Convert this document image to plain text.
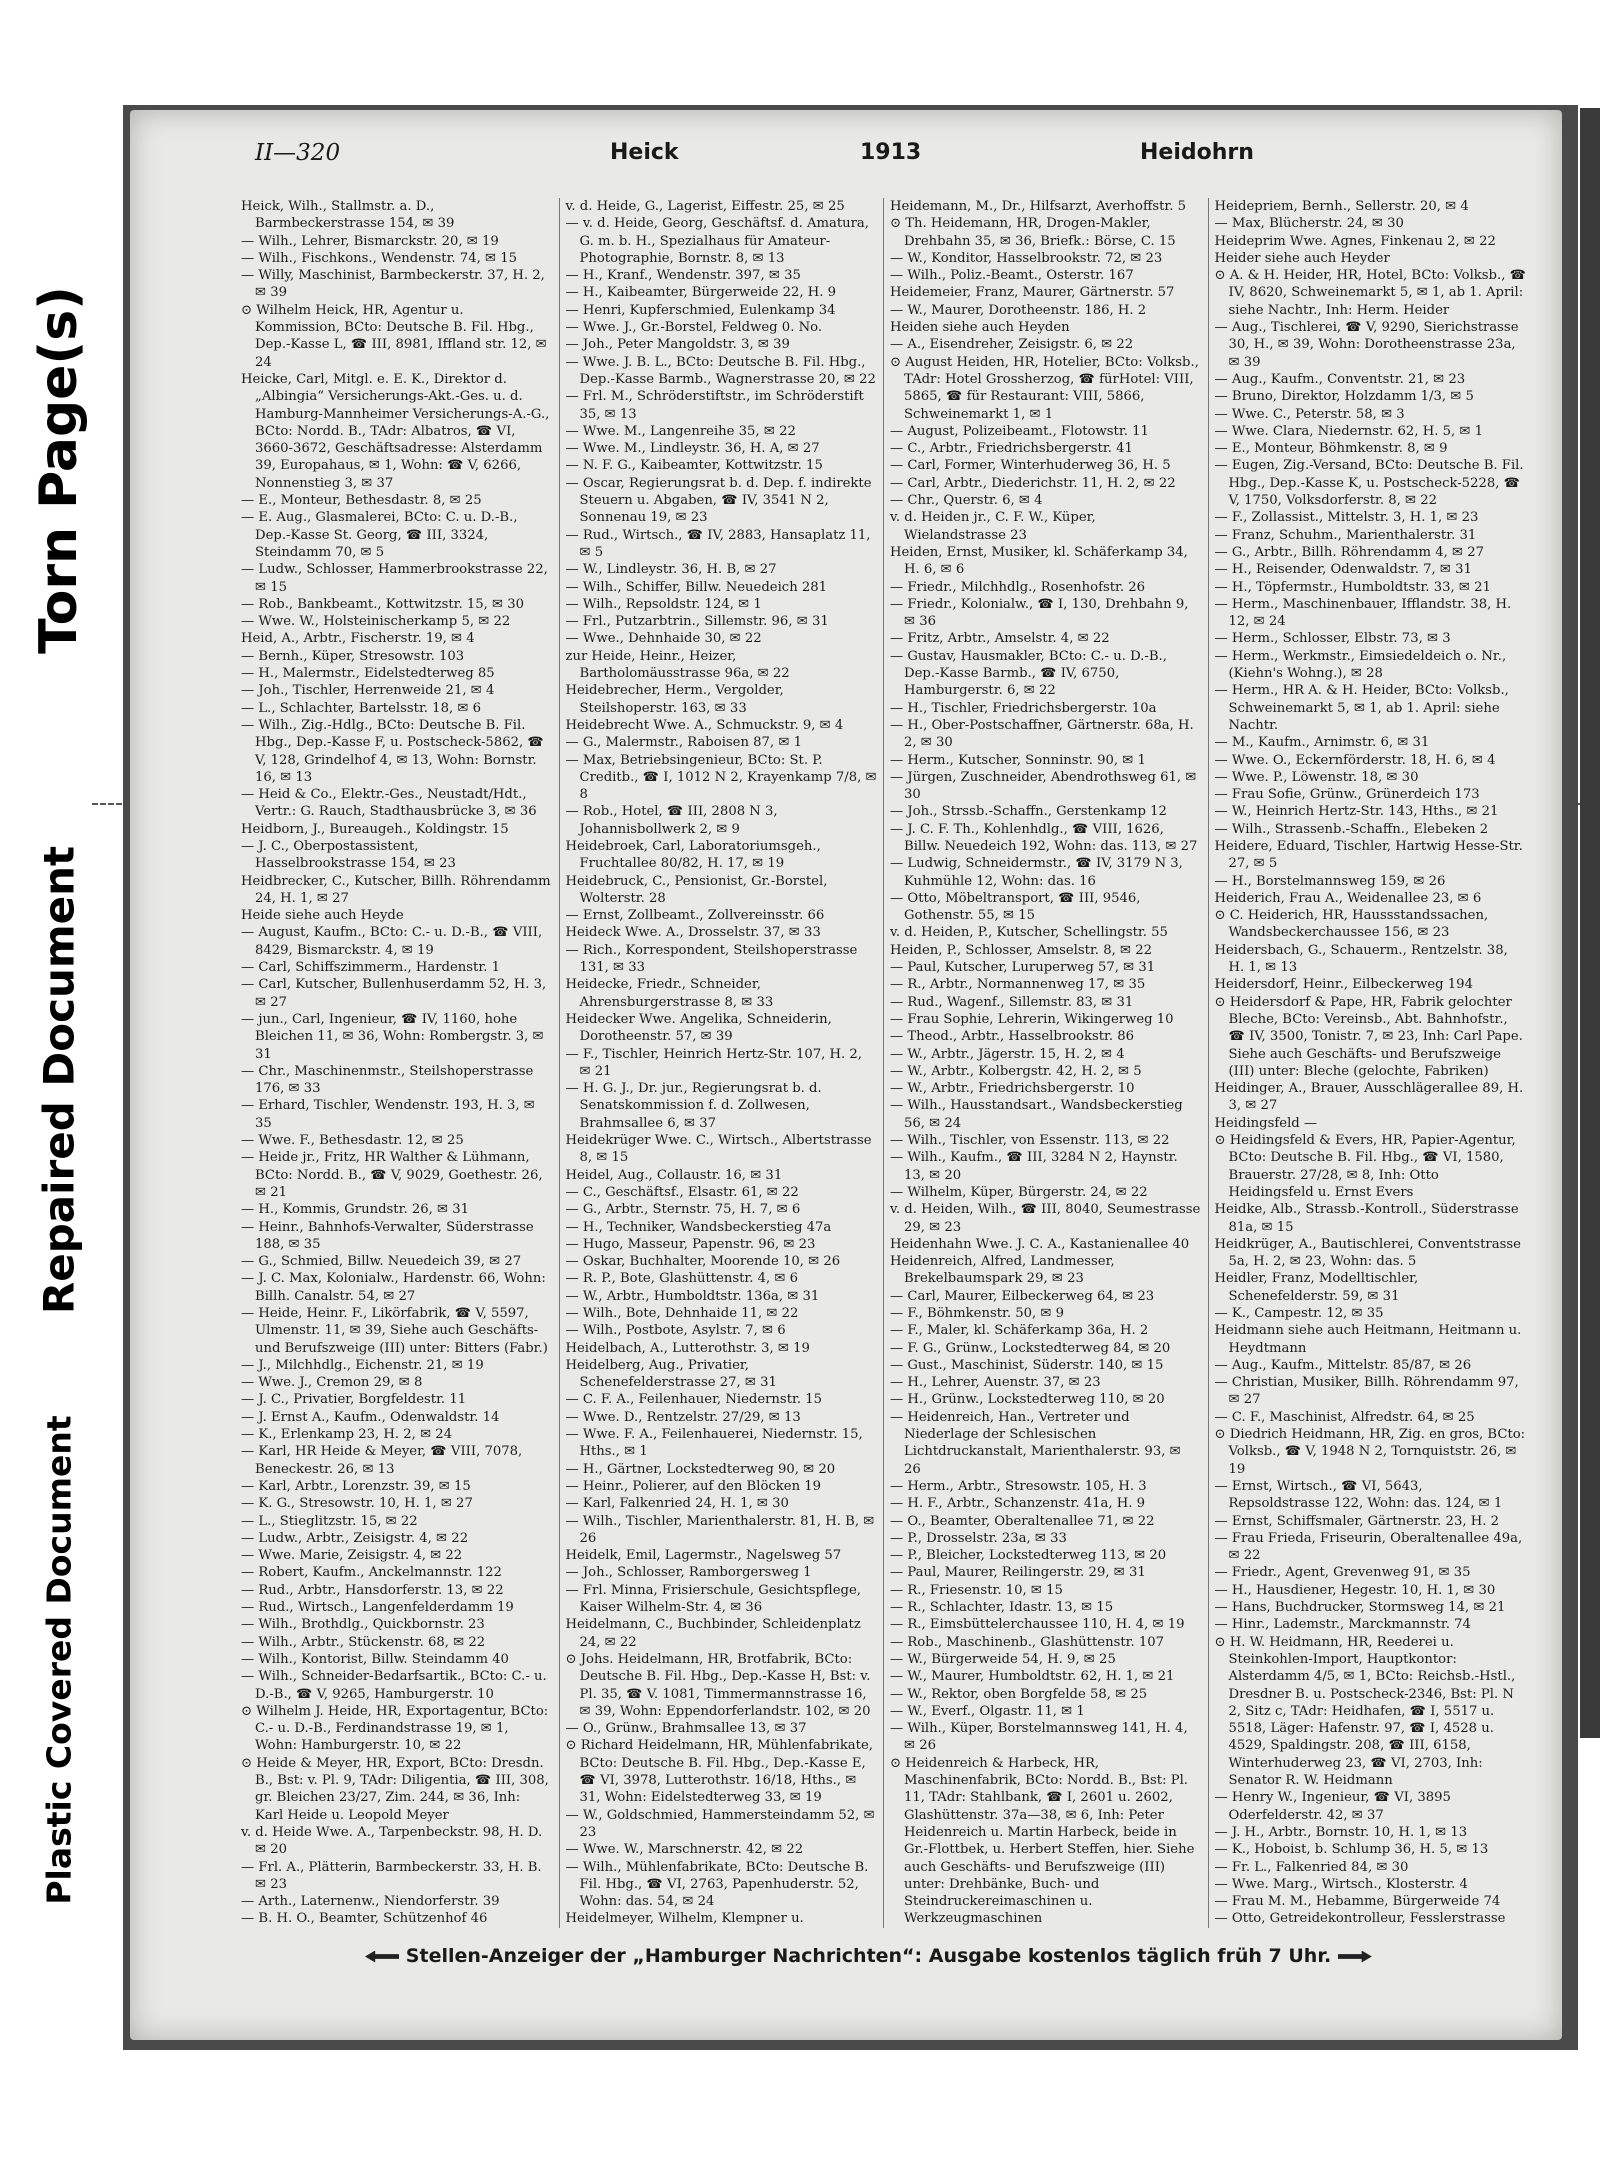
Torn Page(s)
Repaired Document
Plastic Covered Document
II—320	Heick	1913	Heidohrn

Heick, Wilh., Stallmstr. a. D., Barmbeckerstrasse 154, ✉ 39

— Wilh., Lehrer, Bismarckstr. 20, ✉ 19

— Wilh., Fischkons., Wendenstr. 74, ✉ 15

— Willy, Maschinist, Barmbeckerstr. 37, H. 2, ✉ 39

⊙ Wilhelm Heick, HR, Agentur u. Kommission, BCto: Deutsche B. Fil. Hbg., Dep.-Kasse L, ☎ III, 8981, Iffland str. 12, ✉ 24

Heicke, Carl, Mitgl. e. E. K., Direktor d. „Albingia“ Versicherungs-Akt.-Ges. u. d. Hamburg-Mannheimer Versicherungs-A.-G., BCto: Nordd. B., TAdr: Albatros, ☎ VI, 3660-3672, Geschäftsadresse: Alsterdamm 39, Europahaus, ✉ 1, Wohn: ☎ V, 6266, Nonnenstieg 3, ✉ 37

— E., Monteur, Bethesdastr. 8, ✉ 25

— E. Aug., Glasmalerei, BCto: C. u. D.-B., Dep.-Kasse St. Georg, ☎ III, 3324, Steindamm 70, ✉ 5

— Ludw., Schlosser, Hammerbrookstrasse 22, ✉ 15

— Rob., Bankbeamt., Kottwitzstr. 15, ✉ 30

— Wwe. W., Holsteinischerkamp 5, ✉ 22

Heid, A., Arbtr., Fischerstr. 19, ✉ 4

— Bernh., Küper, Stresowstr. 103

— H., Malermstr., Eidelstedterweg 85

— Joh., Tischler, Herrenweide 21, ✉ 4

— L., Schlachter, Bartelsstr. 18, ✉ 6

— Wilh., Zig.-Hdlg., BCto: Deutsche B. Fil. Hbg., Dep.-Kasse F, u. Postscheck-5862, ☎ V, 128, Grindelhof 4, ✉ 13, Wohn: Bornstr. 16, ✉ 13

— Heid & Co., Elektr.-Ges., Neustadt/Hdt., Vertr.: G. Rauch, Stadthausbrücke 3, ✉ 36

Heidborn, J., Bureaugeh., Koldingstr. 15

— J. C., Oberpostassistent, Hasselbrookstrasse 154, ✉ 23

Heidbrecker, C., Kutscher, Billh. Röhrendamm 24, H. 1, ✉ 27

Heide siehe auch Heyde

— August, Kaufm., BCto: C.- u. D.-B., ☎ VIII, 8429, Bismarckstr. 4, ✉ 19

— Carl, Schiffszimmerm., Hardenstr. 1

— Carl, Kutscher, Bullenhuserdamm 52, H. 3, ✉ 27

— jun., Carl, Ingenieur, ☎ IV, 1160, hohe Bleichen 11, ✉ 36, Wohn: Rombergstr. 3, ✉ 31

— Chr., Maschinenmstr., Steilshoperstrasse 176, ✉ 33

— Erhard, Tischler, Wendenstr. 193, H. 3, ✉ 35

— Wwe. F., Bethesdastr. 12, ✉ 25

— Heide jr., Fritz, HR Walther & Lühmann, BCto: Nordd. B., ☎ V, 9029, Goethestr. 26, ✉ 21

— H., Kommis, Grundstr. 26, ✉ 31

— Heinr., Bahnhofs-Verwalter, Süderstrasse 188, ✉ 35

— G., Schmied, Billw. Neuedeich 39, ✉ 27

— J. C. Max, Kolonialw., Hardenstr. 66, Wohn: Billh. Canalstr. 54, ✉ 27

— Heide, Heinr. F., Likörfabrik, ☎ V, 5597, Ulmenstr. 11, ✉ 39, Siehe auch Geschäfts- und Berufszweige (III) unter: Bitters (Fabr.)

— J., Milchhdlg., Eichenstr. 21, ✉ 19

— Wwe. J., Cremon 29, ✉ 8

— J. C., Privatier, Borgfeldestr. 11

— J. Ernst A., Kaufm., Odenwaldstr. 14

— K., Erlenkamp 23, H. 2, ✉ 24

— Karl, HR Heide & Meyer, ☎ VIII, 7078, Beneckestr. 26, ✉ 13

— Karl, Arbtr., Lorenzstr. 39, ✉ 15

— K. G., Stresowstr. 10, H. 1, ✉ 27

— L., Stieglitzstr. 15, ✉ 22

— Ludw., Arbtr., Zeisigstr. 4, ✉ 22

— Wwe. Marie, Zeisigstr. 4, ✉ 22

— Robert, Kaufm., Anckelmannstr. 122

— Rud., Arbtr., Hansdorferstr. 13, ✉ 22

— Rud., Wirtsch., Langenfelderdamm 19

— Wilh., Brothdlg., Quickbornstr. 23

— Wilh., Arbtr., Stückenstr. 68, ✉ 22

— Wilh., Kontorist, Billw. Steindamm 40

— Wilh., Schneider-Bedarfsartik., BCto: C.- u. D.-B., ☎ V, 9265, Hamburgerstr. 10

⊙ Wilhelm J. Heide, HR, Exportagentur, BCto: C.- u. D.-B., Ferdinandstrasse 19, ✉ 1, Wohn: Hamburgerstr. 10, ✉ 22

⊙ Heide & Meyer, HR, Export, BCto: Dresdn. B., Bst: v. Pl. 9, TAdr: Diligentia, ☎ III, 308, gr. Bleichen 23/27, Zim. 244, ✉ 36, Inh: Karl Heide u. Leopold Meyer

v. d. Heide Wwe. A., Tarpenbeckstr. 98, H. D. ✉ 20

— Frl. A., Plätterin, Barmbeckerstr. 33, H. B. ✉ 23

— Arth., Laternenw., Niendorferstr. 39

— B. H. O., Beamter, Schützenhof 46

v. d. Heide, G., Lagerist, Eiffestr. 25, ✉ 25

— v. d. Heide, Georg, Geschäftsf. d. Amatura, G. m. b. H., Spezialhaus für Amateur-Photographie, Bornstr. 8, ✉ 13

— H., Kranf., Wendenstr. 397, ✉ 35

— H., Kaibeamter, Bürgerweide 22, H. 9

— Henri, Kupferschmied, Eulenkamp 34

— Wwe. J., Gr.-Borstel, Feldweg 0. No.

— Joh., Peter Mangoldstr. 3, ✉ 39

— Wwe. J. B. L., BCto: Deutsche B. Fil. Hbg., Dep.-Kasse Barmb., Wagnerstrasse 20, ✉ 22

— Frl. M., Schröderstiftstr., im Schröderstift 35, ✉ 13

— Wwe. M., Langenreihe 35, ✉ 22

— Wwe. M., Lindleystr. 36, H. A, ✉ 27

— N. F. G., Kaibeamter, Kottwitzstr. 15

— Oscar, Regierungsrat b. d. Dep. f. indirekte Steuern u. Abgaben, ☎ IV, 3541 N 2, Sonnenau 19, ✉ 23

— Rud., Wirtsch., ☎ IV, 2883, Hansaplatz 11, ✉ 5

— W., Lindleystr. 36, H. B, ✉ 27

— Wilh., Schiffer, Billw. Neuedeich 281

— Wilh., Repsoldstr. 124, ✉ 1

— Frl., Putzarbtrin., Sillemstr. 96, ✉ 31

— Wwe., Dehnhaide 30, ✉ 22

zur Heide, Heinr., Heizer, Bartholomäusstrasse 96a, ✉ 22

Heidebrecher, Herm., Vergolder, Steilshoperstr. 163, ✉ 33

Heidebrecht Wwe. A., Schmuckstr. 9, ✉ 4

— G., Malermstr., Raboisen 87, ✉ 1

— Max, Betriebsingenieur, BCto: St. P. Creditb., ☎ I, 1012 N 2, Krayenkamp 7/8, ✉ 8

— Rob., Hotel, ☎ III, 2808 N 3, Johannisbollwerk 2, ✉ 9

Heidebroek, Carl, Laboratoriumsgeh., Fruchtallee 80/82, H. 17, ✉ 19

Heidebruck, C., Pensionist, Gr.-Borstel, Wolterstr. 28

— Ernst, Zollbeamt., Zollvereinsstr. 66

Heideck Wwe. A., Drosselstr. 37, ✉ 33

— Rich., Korrespondent, Steilshoperstrasse 131, ✉ 33

Heidecke, Friedr., Schneider, Ahrensburgerstrasse 8, ✉ 33

Heidecker Wwe. Angelika, Schneiderin, Dorotheenstr. 57, ✉ 39

— F., Tischler, Heinrich Hertz-Str. 107, H. 2, ✉ 21

— H. G. J., Dr. jur., Regierungsrat b. d. Senatskommission f. d. Zollwesen, Brahmsallee 6, ✉ 37

Heidekrüger Wwe. C., Wirtsch., Albertstrasse 8, ✉ 15

Heidel, Aug., Collaustr. 16, ✉ 31

— C., Geschäftsf., Elsastr. 61, ✉ 22

— G., Arbtr., Sternstr. 75, H. 7, ✉ 6

— H., Techniker, Wandsbeckerstieg 47a

— Hugo, Masseur, Papenstr. 96, ✉ 23

— Oskar, Buchhalter, Moorende 10, ✉ 26

— R. P., Bote, Glashüttenstr. 4, ✉ 6

— W., Arbtr., Humboldtstr. 136a, ✉ 31

— Wilh., Bote, Dehnhaide 11, ✉ 22

— Wilh., Postbote, Asylstr. 7, ✉ 6

Heidelbach, A., Lutterothstr. 3, ✉ 19

Heidelberg, Aug., Privatier, Schenefelderstrasse 27, ✉ 31

— C. F. A., Feilenhauer, Niedernstr. 15

— Wwe. D., Rentzelstr. 27/29, ✉ 13

— Wwe. F. A., Feilenhauerei, Niedernstr. 15, Hths., ✉ 1

— H., Gärtner, Lockstedterweg 90, ✉ 20

— Heinr., Polierer, auf den Blöcken 19

— Karl, Falkenried 24, H. 1, ✉ 30

— Wilh., Tischler, Marienthalerstr. 81, H. B, ✉ 26

Heidelk, Emil, Lagermstr., Nagelsweg 57

— Joh., Schlosser, Ramborgersweg 1

— Frl. Minna, Frisierschule, Gesichtspflege, Kaiser Wilhelm-Str. 4, ✉ 36

Heidelmann, C., Buchbinder, Schleidenplatz 24, ✉ 22

⊙ Johs. Heidelmann, HR, Brotfabrik, BCto: Deutsche B. Fil. Hbg., Dep.-Kasse H, Bst: v. Pl. 35, ☎ V. 1081, Timmermannstrasse 16, ✉ 39, Wohn: Eppendorferlandstr. 102, ✉ 20

— O., Grünw., Brahmsallee 13, ✉ 37

⊙ Richard Heidelmann, HR, Mühlenfabrikate, BCto: Deutsche B. Fil. Hbg., Dep.-Kasse E, ☎ VI, 3978, Lutterothstr. 16/18, Hths., ✉ 31, Wohn: Eidelstedterweg 33, ✉ 19

— W., Goldschmied, Hammersteindamm 52, ✉ 23

— Wwe. W., Marschnerstr. 42, ✉ 22

— Wilh., Mühlenfabrikate, BCto: Deutsche B. Fil. Hbg., ☎ VI, 2763, Papenhuderstr. 52, Wohn: das. 54, ✉ 24

Heidelmeyer, Wilhelm, Klempner u.

Heidemann, M., Dr., Hilfsarzt, Averhoffstr. 5

⊙ Th. Heidemann, HR, Drogen-Makler, Drehbahn 35, ✉ 36, Briefk.: Börse, C. 15

— W., Konditor, Hasselbrookstr. 72, ✉ 23

— Wilh., Poliz.-Beamt., Osterstr. 167

Heidemeier, Franz, Maurer, Gärtnerstr. 57

— W., Maurer, Dorotheenstr. 186, H. 2

Heiden siehe auch Heyden

— A., Eisendreher, Zeisigstr. 6, ✉ 22

⊙ August Heiden, HR, Hotelier, BCto: Volksb., TAdr: Hotel Grossherzog, ☎ fürHotel: VIII, 5865, ☎ für Restaurant: VIII, 5866, Schweinemarkt 1, ✉ 1

— August, Polizeibeamt., Flotowstr. 11

— C., Arbtr., Friedrichsbergerstr. 41

— Carl, Former, Winterhuderweg 36, H. 5

— Carl, Arbtr., Diederichstr. 11, H. 2, ✉ 22

— Chr., Querstr. 6, ✉ 4

v. d. Heiden jr., C. F. W., Küper, Wielandstrasse 23

Heiden, Ernst, Musiker, kl. Schäferkamp 34, H. 6, ✉ 6

— Friedr., Milchhdlg., Rosenhofstr. 26

— Friedr., Kolonialw., ☎ I, 130, Drehbahn 9, ✉ 36

— Fritz, Arbtr., Amselstr. 4, ✉ 22

— Gustav, Hausmakler, BCto: C.- u. D.-B., Dep.-Kasse Barmb., ☎ IV, 6750, Hamburgerstr. 6, ✉ 22

— H., Tischler, Friedrichsbergerstr. 10a

— H., Ober-Postschaffner, Gärtnerstr. 68a, H. 2, ✉ 30

— Herm., Kutscher, Sonninstr. 90, ✉ 1

— Jürgen, Zuschneider, Abendrothsweg 61, ✉ 30

— Joh., Strssb.-Schaffn., Gerstenkamp 12

— J. C. F. Th., Kohlenhdlg., ☎ VIII, 1626, Billw. Neuedeich 192, Wohn: das. 113, ✉ 27

— Ludwig, Schneidermstr., ☎ IV, 3179 N 3, Kuhmühle 12, Wohn: das. 16

— Otto, Möbeltransport, ☎ III, 9546, Gothenstr. 55, ✉ 15

v. d. Heiden, P., Kutscher, Schellingstr. 55

Heiden, P., Schlosser, Amselstr. 8, ✉ 22

— Paul, Kutscher, Luruperweg 57, ✉ 31

— R., Arbtr., Normannenweg 17, ✉ 35

— Rud., Wagenf., Sillemstr. 83, ✉ 31

— Frau Sophie, Lehrerin, Wikingerweg 10

— Theod., Arbtr., Hasselbrookstr. 86

— W., Arbtr., Jägerstr. 15, H. 2, ✉ 4

— W., Arbtr., Kolbergstr. 42, H. 2, ✉ 5

— W., Arbtr., Friedrichsbergerstr. 10

— Wilh., Hausstandsart., Wandsbeckerstieg 56, ✉ 24

— Wilh., Tischler, von Essenstr. 113, ✉ 22

— Wilh., Kaufm., ☎ III, 3284 N 2, Haynstr. 13, ✉ 20

— Wilhelm, Küper, Bürgerstr. 24, ✉ 22

v. d. Heiden, Wilh., ☎ III, 8040, Seumestrasse 29, ✉ 23

Heidenhahn Wwe. J. C. A., Kastanienallee 40

Heidenreich, Alfred, Landmesser, Brekelbaumspark 29, ✉ 23

— Carl, Maurer, Eilbeckerweg 64, ✉ 23

— F., Böhmkenstr. 50, ✉ 9

— F., Maler, kl. Schäferkamp 36a, H. 2

— F. G., Grünw., Lockstedterweg 84, ✉ 20

— Gust., Maschinist, Süderstr. 140, ✉ 15

— H., Lehrer, Auenstr. 37, ✉ 23

— H., Grünw., Lockstedterweg 110, ✉ 20

— Heidenreich, Han., Vertreter und Niederlage der Schlesischen Lichtdruckanstalt, Marienthalerstr. 93, ✉ 26

— Herm., Arbtr., Stresowstr. 105, H. 3

— H. F., Arbtr., Schanzenstr. 41a, H. 9

— O., Beamter, Oberaltenallee 71, ✉ 22

— P., Drosselstr. 23a, ✉ 33

— P., Bleicher, Lockstedterweg 113, ✉ 20

— Paul, Maurer, Reilingerstr. 29, ✉ 31

— R., Friesenstr. 10, ✉ 15

— R., Schlachter, Idastr. 13, ✉ 15

— R., Eimsbüttelerchaussee 110, H. 4, ✉ 19

— Rob., Maschinenb., Glashüttenstr. 107

— W., Bürgerweide 54, H. 9, ✉ 25

— W., Maurer, Humboldtstr. 62, H. 1, ✉ 21

— W., Rektor, oben Borgfelde 58, ✉ 25

— W., Everf., Olgastr. 11, ✉ 1

— Wilh., Küper, Borstelmannsweg 141, H. 4, ✉ 26

⊙ Heidenreich & Harbeck, HR, Maschinenfabrik, BCto: Nordd. B., Bst: Pl. 11, TAdr: Stahlbank, ☎ I, 2601 u. 2602, Glashüttenstr. 37a—38, ✉ 6, Inh: Peter Heidenreich u. Martin Harbeck, beide in Gr.-Flottbek, u. Herbert Steffen, hier. Siehe auch Geschäfts- und Berufszweige (III) unter: Drehbänke, Buch- und Steindruckereimaschinen u. Werkzeugmaschinen

Heidepriem, Bernh., Sellerstr. 20, ✉ 4

— Max, Blücherstr. 24, ✉ 30

Heideprim Wwe. Agnes, Finkenau 2, ✉ 22

Heider siehe auch Heyder

⊙ A. & H. Heider, HR, Hotel, BCto: Volksb., ☎ IV, 8620, Schweinemarkt 5, ✉ 1, ab 1. April: siehe Nachtr., Inh: Herm. Heider

— Aug., Tischlerei, ☎ V, 9290, Sierichstrasse 30, H., ✉ 39, Wohn: Dorotheenstrasse 23a, ✉ 39

— Aug., Kaufm., Conventstr. 21, ✉ 23

— Bruno, Direktor, Holzdamm 1/3, ✉ 5

— Wwe. C., Peterstr. 58, ✉ 3

— Wwe. Clara, Niedernstr. 62, H. 5, ✉ 1

— E., Monteur, Böhmkenstr. 8, ✉ 9

— Eugen, Zig.-Versand, BCto: Deutsche B. Fil. Hbg., Dep.-Kasse K, u. Postscheck-5228, ☎ V, 1750, Volksdorferstr. 8, ✉ 22

— F., Zollassist., Mittelstr. 3, H. 1, ✉ 23

— Franz, Schuhm., Marienthalerstr. 31

— G., Arbtr., Billh. Röhrendamm 4, ✉ 27

— H., Reisender, Odenwaldstr. 7, ✉ 31

— H., Töpfermstr., Humboldtstr. 33, ✉ 21

— Herm., Maschinenbauer, Ifflandstr. 38, H. 12, ✉ 24

— Herm., Schlosser, Elbstr. 73, ✉ 3

— Herm., Werkmstr., Eimsiedeldeich o. Nr., (Kiehn's Wohng.), ✉ 28

— Herm., HR A. & H. Heider, BCto: Volksb., Schweinemarkt 5, ✉ 1, ab 1. April: siehe Nachtr.

— M., Kaufm., Arnimstr. 6, ✉ 31

— Wwe. O., Eckernförderstr. 18, H. 6, ✉ 4

— Wwe. P., Löwenstr. 18, ✉ 30

— Frau Sofie, Grünw., Grünerdeich 173

— W., Heinrich Hertz-Str. 143, Hths., ✉ 21

— Wilh., Strassenb.-Schaffn., Elebeken 2

Heidere, Eduard, Tischler, Hartwig Hesse-Str. 27, ✉ 5

— H., Borstelmannsweg 159, ✉ 26

Heiderich, Frau A., Weidenallee 23, ✉ 6

⊙ C. Heiderich, HR, Haussstandssachen, Wandsbeckerchaussee 156, ✉ 23

Heidersbach, G., Schauerm., Rentzelstr. 38, H. 1, ✉ 13

Heidersdorf, Heinr., Eilbeckerweg 194

⊙ Heidersdorf & Pape, HR, Fabrik gelochter Bleche, BCto: Vereinsb., Abt. Bahnhofstr., ☎ IV, 3500, Tonistr. 7, ✉ 23, Inh: Carl Pape. Siehe auch Geschäfts- und Berufszweige (III) unter: Bleche (gelochte, Fabriken)

Heidinger, A., Brauer, Ausschlägerallee 89, H. 3, ✉ 27

Heidingsfeld —

⊙ Heidingsfeld & Evers, HR, Papier-Agentur, BCto: Deutsche B. Fil. Hbg., ☎ VI, 1580, Brauerstr. 27/28, ✉ 8, Inh: Otto Heidingsfeld u. Ernst Evers

Heidke, Alb., Strassb.-Kontroll., Süderstrasse 81a, ✉ 15

Heidkrüger, A., Bautischlerei, Conventstrasse 5a, H. 2, ✉ 23, Wohn: das. 5

Heidler, Franz, Modelltischler, Schenefelderstr. 59, ✉ 31

— K., Campestr. 12, ✉ 35

Heidmann siehe auch Heitmann, Heitmann u. Heydtmann

— Aug., Kaufm., Mittelstr. 85/87, ✉ 26

— Christian, Musiker, Billh. Röhrendamm 97, ✉ 27

— C. F., Maschinist, Alfredstr. 64, ✉ 25

⊙ Diedrich Heidmann, HR, Zig. en gros, BCto: Volksb., ☎ V, 1948 N 2, Tornquiststr. 26, ✉ 19

— Ernst, Wirtsch., ☎ VI, 5643, Repsoldstrasse 122, Wohn: das. 124, ✉ 1

— Ernst, Schiffsmaler, Gärtnerstr. 23, H. 2

— Frau Frieda, Friseurin, Oberaltenallee 49a, ✉ 22

— Friedr., Agent, Grevenweg 91, ✉ 35

— H., Hausdiener, Hegestr. 10, H. 1, ✉ 30

— Hans, Buchdrucker, Stormsweg 14, ✉ 21

— Hinr., Lademstr., Marckmannstr. 74

⊙ H. W. Heidmann, HR, Reederei u. Steinkohlen-Import, Hauptkontor: Alsterdamm 4/5, ✉ 1, BCto: Reichsb.-Hstl., Dresdner B. u. Postscheck-2346, Bst: Pl. N 2, Sitz c, TAdr: Heidhafen, ☎ I, 5517 u. 5518, Läger: Hafenstr. 97, ☎ I, 4528 u. 4529, Spaldingstr. 208, ☎ III, 6158, Winterhuderweg 23, ☎ VI, 2703, Inh: Senator R. W. Heidmann

— Henry W., Ingenieur, ☎ VI, 3895 Oderfelderstr. 42, ✉ 37

— J. H., Arbtr., Bornstr. 10, H. 1, ✉ 13

— K., Hoboist, b. Schlump 36, H. 5, ✉ 13

— Fr. L., Falkenried 84, ✉ 30

— Wwe. Marg., Wirtsch., Klosterstr. 4

— Frau M. M., Hebamme, Bürgerweide 74

— Otto, Getreidekontrolleur, Fesslerstrasse

Stellen-Anzeiger der „Hamburger Nachrichten“: Ausgabe kostenlos täglich früh 7 Uhr.
